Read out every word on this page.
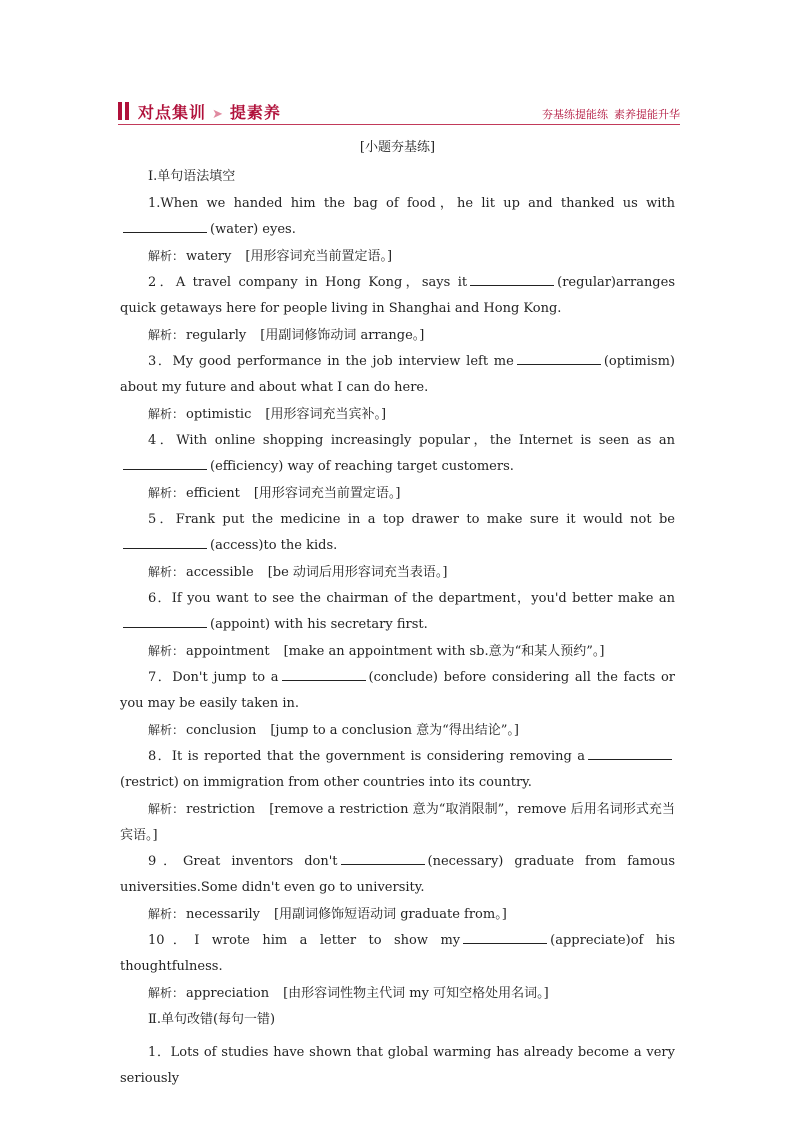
对点集训 ➤ 提素养	夯基练提能练 素养提能升华
[小题夯基练]
Ⅰ.单句语法填空

1.When we handed him the bag of food，he lit up and thanked us with(water) eyes.

解析： watery [用形容词充当前置定语。]

2．A travel company in Hong Kong，says it	(regular)arranges quick getaways here for people living in Shanghai and Hong Kong.

解析： regularly [用副词修饰动词 arrange。]

3．My good performance in the job interview left me	(optimism) about my future and about what I can do here.

解析： optimistic [用形容词充当宾补。]

4．With online shopping increasingly popular，the Internet is seen as an(efficiency) way of reaching target customers.

解析： efficient [用形容词充当前置定语。]

5．Frank put the medicine in a top drawer to make sure it would not be(access)to the kids.

解析： accessible [be 动词后用形容词充当表语。]

6．If you want to see the chairman of the department，you'd better make an(appoint) with his secretary first.

解析： appointment [make an appointment with sb.意为“和某人预约”。]

7．Don't jump to a	(conclude) before considering all the facts or you may be easily taken in.

解析： conclusion [jump to a conclusion 意为“得出结论”。]

8．It is reported that the government is considering removing a(restrict) on immigration from other countries into its country.

解析： restriction [remove a restriction 意为“取消限制”，remove 后用名词形式充当宾语。]

9．Great inventors don't	(necessary) graduate from famous universities.Some didn't even go to university.

解析： necessarily [用副词修饰短语动词 graduate from。]

10．I wrote him a letter to show my	(appreciate)of his thoughtfulness.

解析： appreciation [由形容词性物主代词 my 可知空格处用名词。]

Ⅱ.单句改错(每句一错)

1．Lots of studies have shown that global warming has already become a very seriously
